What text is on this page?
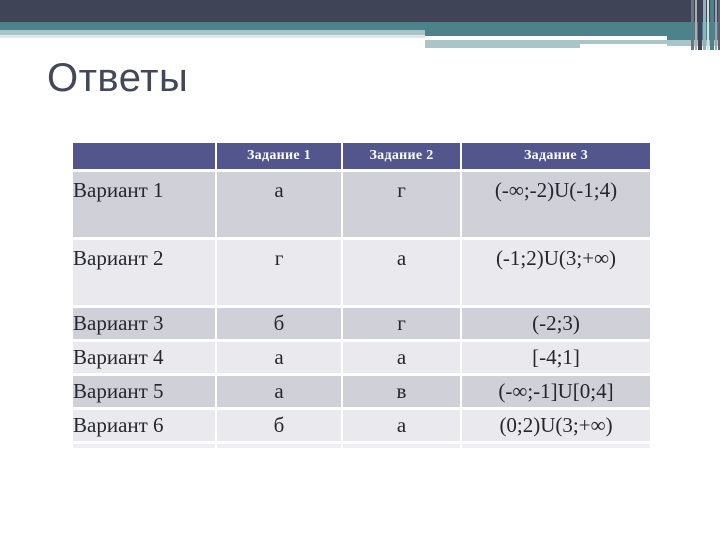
Ответы
	Задание 1	Задание 2	Задание 3
Вариант 1	а	г	(-∞;-2)U(-1;4)
Вариант 2	г	а	(-1;2)U(3;+∞)
Вариант 3	б	г	(-2;3)
Вариант 4	а	а	[-4;1]
Вариант 5	а	в	(-∞;-1]U[0;4]
Вариант 6	б	а	(0;2)U(3;+∞)
